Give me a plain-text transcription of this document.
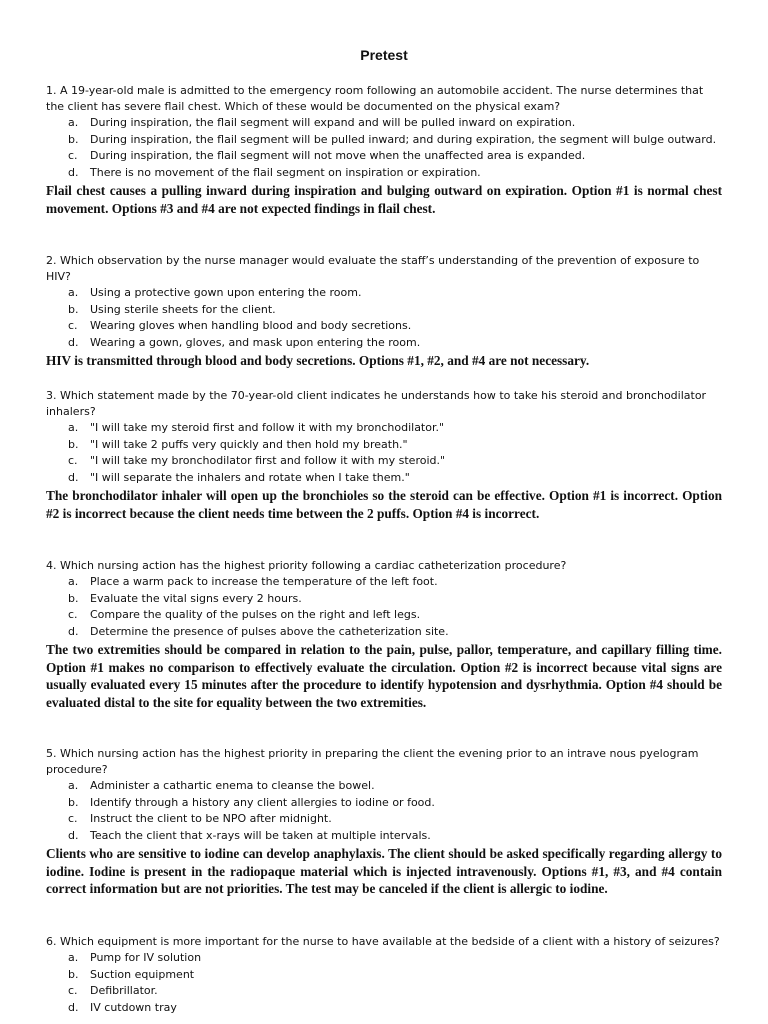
Pretest

1. A 19-year-old male is admitted to the emergency room following an automobile accident. The nurse determines that the client has severe flail chest. Which of these would be documented on the physical exam?

a. During inspiration, the flail segment will expand and will be pulled inward on expiration.
b. During inspiration, the flail segment will be pulled inward; and during expiration, the segment will bulge outward.
c. During inspiration, the flail segment will not move when the unaffected area is expanded.
d. There is no movement of the flail segment on inspiration or expiration.

Flail chest causes a pulling inward during inspiration and bulging outward on expiration. Option #1 is normal chest movement. Options #3 and #4 are not expected findings in flail chest.

2. Which observation by the nurse manager would evaluate the staff’s understanding of the prevention of exposure to HIV?

a. Using a protective gown upon entering the room.
b. Using sterile sheets for the client.
c. Wearing gloves when handling blood and body secretions.
d. Wearing a gown, gloves, and mask upon entering the room.

HIV is transmitted through blood and body secretions. Options #1, #2, and #4 are not necessary.

3. Which statement made by the 70-year-old client indicates he understands how to take his steroid and bronchodilator inhalers?

a. "I will take my steroid first and follow it with my bronchodilator."
b. "I will take 2 puffs very quickly and then hold my breath."
c. "I will take my bronchodilator first and follow it with my steroid."
d. "I will separate the inhalers and rotate when I take them."

The bronchodilator inhaler will open up the bronchioles so the steroid can be effective. Option #1 is incorrect. Option #2 is incorrect because the client needs time between the 2 puffs. Option #4 is incorrect.

4. Which nursing action has the highest priority following a cardiac catheterization procedure?

a. Place a warm pack to increase the temperature of the left foot.
b. Evaluate the vital signs every 2 hours.
c. Compare the quality of the pulses on the right and left legs.
d. Determine the presence of pulses above the catheterization site.

The two extremities should be compared in relation to the pain, pulse, pallor, temperature, and capillary filling time. Option #1 makes no comparison to effectively evaluate the circulation. Option #2 is incorrect because vital signs are usually evaluated every 15 minutes after the procedure to identify hypotension and dysrhythmia. Option #4 should be evaluated distal to the site for equality between the two extremities.

5. Which nursing action has the highest priority in preparing the client the evening prior to an intrave nous pyelogram procedure?

a. Administer a cathartic enema to cleanse the bowel.
b. Identify through a history any client allergies to iodine or food.
c. Instruct the client to be NPO after midnight.
d. Teach the client that x-rays will be taken at multiple intervals.

Clients who are sensitive to iodine can develop anaphylaxis. The client should be asked specifically regarding allergy to iodine. Iodine is present in the radiopaque material which is injected intravenously. Options #1, #3, and #4 contain correct information but are not priorities. The test may be canceled if the client is allergic to iodine.

6. Which equipment is more important for the nurse to have available at the bedside of a client with a history of seizures?

a. Pump for IV solution
b. Suction equipment
c. Defibrillator.
d. IV cutdown tray
